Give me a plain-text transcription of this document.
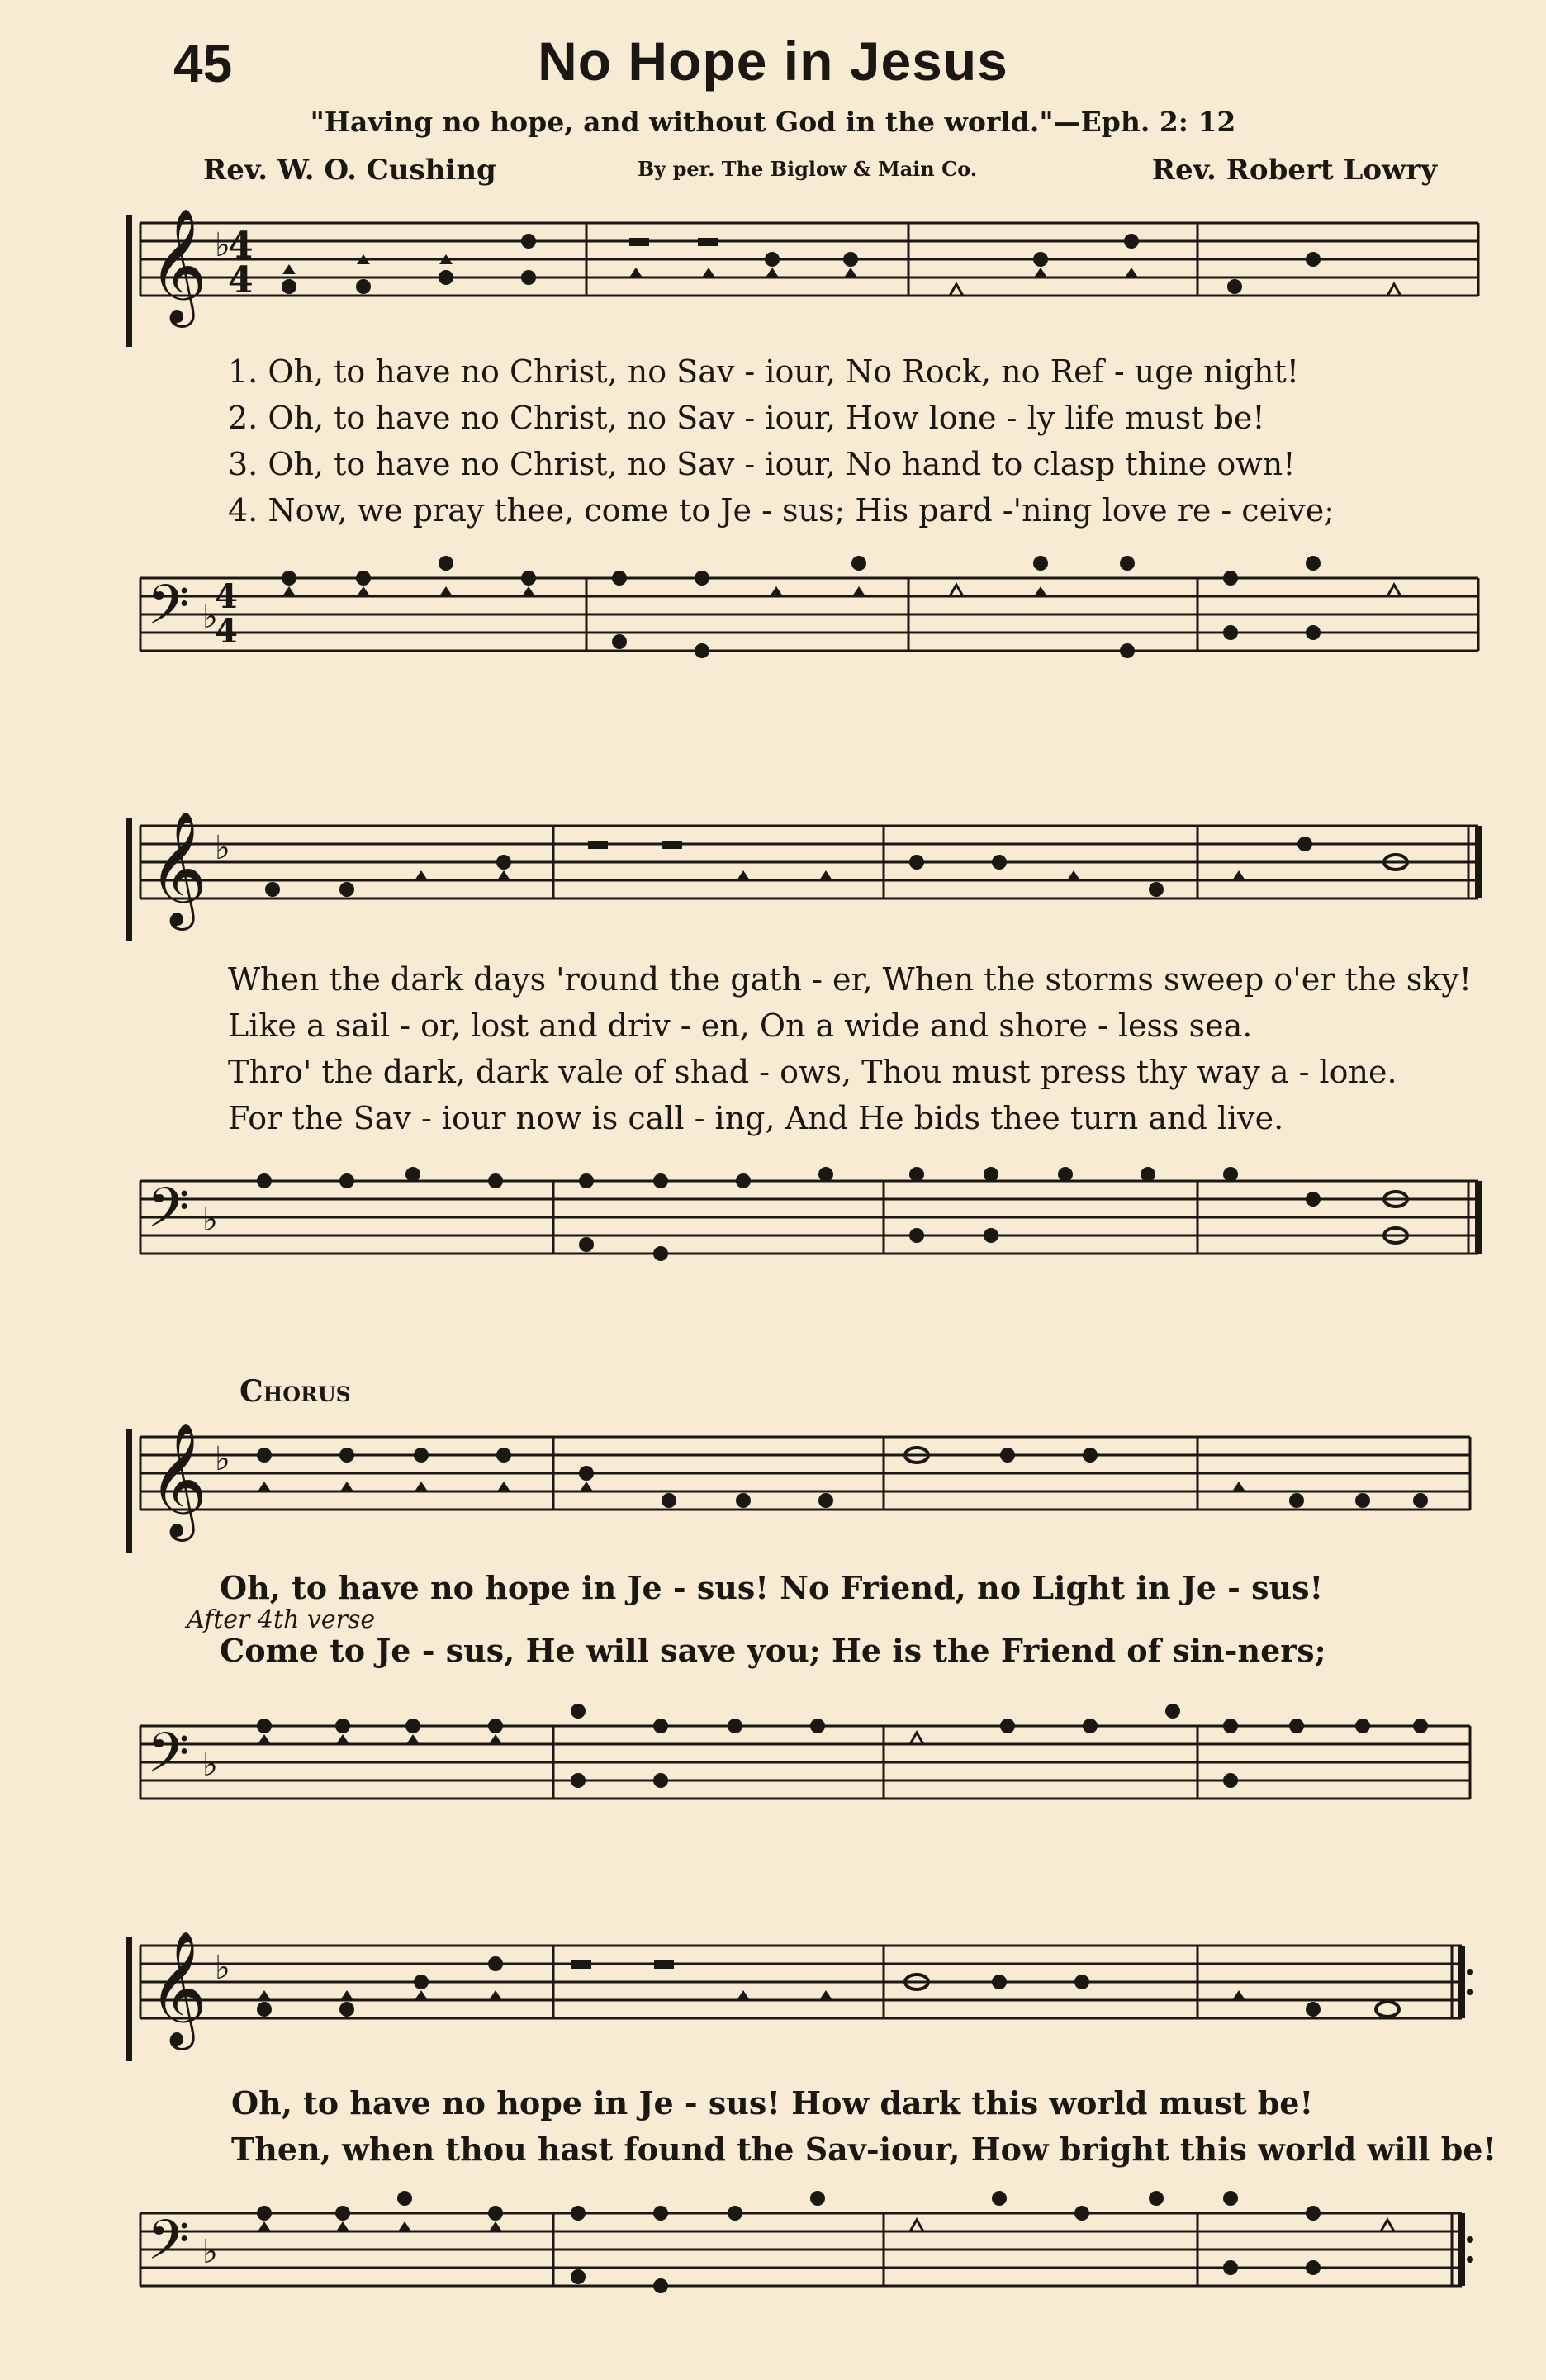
45	No Hope in Jesus
"Having no hope, and without God in the world."—Eph. 2: 12
Rev. W. O. Cushing	By per. The Biglow & Main Co.	Rev. Robert Lowry
𝄞 ♭
4
4
1. Oh, to have no Christ, no Sav - iour, No Rock, no Ref - uge night!
2. Oh, to have no Christ, no Sav - iour, How lone - ly life must be!
3. Oh, to have no Christ, no Sav - iour, No hand to clasp thine own!
4. Now, we pray thee, come to Je - sus; His pard -'ning love re - ceive;
𝄢 ♭
4
4
𝄞 ♭
When the dark days 'round the gath - er, When the storms sweep o'er the sky!
Like a sail - or, lost and driv - en, On a wide and shore - less sea.
Thro' the dark, dark vale of shad - ows, Thou must press thy way a - lone.
For the Sav - iour now is call - ing, And He bids thee turn and live.
𝄢 ♭
Chorus
𝄞 ♭
Oh, to have no hope in Je - sus! No Friend, no Light in Je - sus!
After 4th verse
Come to Je - sus, He will save you; He is the Friend of sin-ners;
𝄢 ♭
𝄞 ♭
Oh, to have no hope in Je - sus! How dark this world must be!
Then, when thou hast found the Sav-iour, How bright this world will be!
𝄢 ♭
